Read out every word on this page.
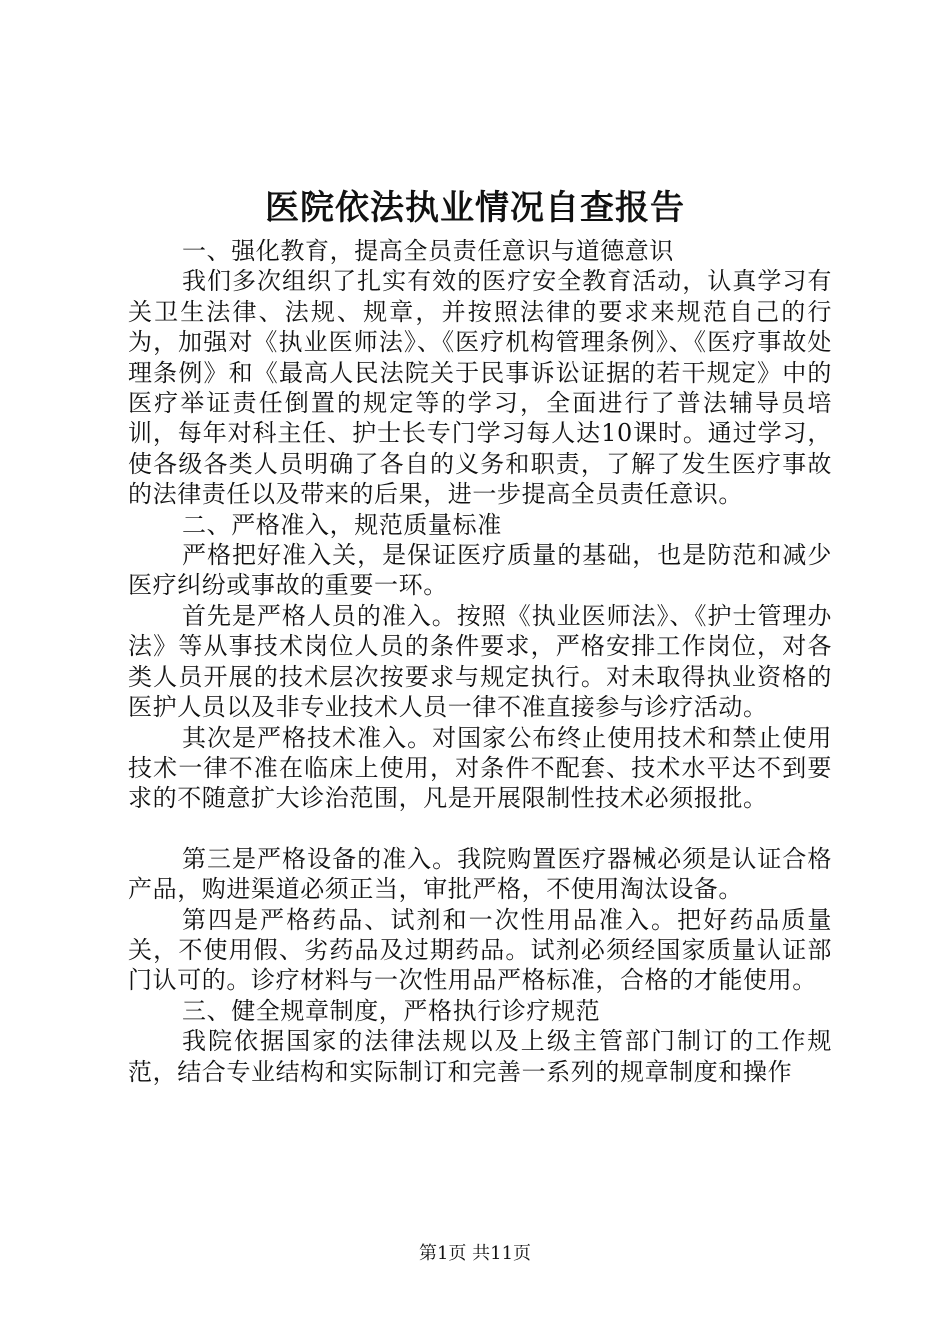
医院依法执业情况自查报告

一、强化教育，提高全员责任意识与道德意识

我们多次组织了扎实有效的医疗安全教育活动，认真学习有关卫生法律、法规、规章，并按照法律的要求来规范自己的行为，加强对《执业医师法》、《医疗机构管理条例》、《医疗事故处理条例》和《最高人民法院关于民事诉讼证据的若干规定》中的医疗举证责任倒置的规定等的学习，全面进行了普法辅导员培训，每年对科主任、护士长专门学习每人达10课时。通过学习，使各级各类人员明确了各自的义务和职责，了解了发生医疗事故的法律责任以及带来的后果，进一步提高全员责任意识。

二、严格准入，规范质量标准

严格把好准入关，是保证医疗质量的基础，也是防范和减少医疗纠纷或事故的重要一环。

首先是严格人员的准入。按照《执业医师法》、《护士管理办法》等从事技术岗位人员的条件要求，严格安排工作岗位，对各类人员开展的技术层次按要求与规定执行。对未取得执业资格的医护人员以及非专业技术人员一律不准直接参与诊疗活动。

其次是严格技术准入。对国家公布终止使用技术和禁止使用技术一律不准在临床上使用，对条件不配套、技术水平达不到要求的不随意扩大诊治范围，凡是开展限制性技术必须报批。

第三是严格设备的准入。我院购置医疗器械必须是认证合格产品，购进渠道必须正当，审批严格，不使用淘汰设备。

第四是严格药品、试剂和一次性用品准入。把好药品质量关，不使用假、劣药品及过期药品。试剂必须经国家质量认证部门认可的。诊疗材料与一次性用品严格标准，合格的才能使用。

三、健全规章制度，严格执行诊疗规范

我院依据国家的法律法规以及上级主管部门制订的工作规范，结合专业结构和实际制订和完善一系列的规章制度和操作

第1页 共11页
